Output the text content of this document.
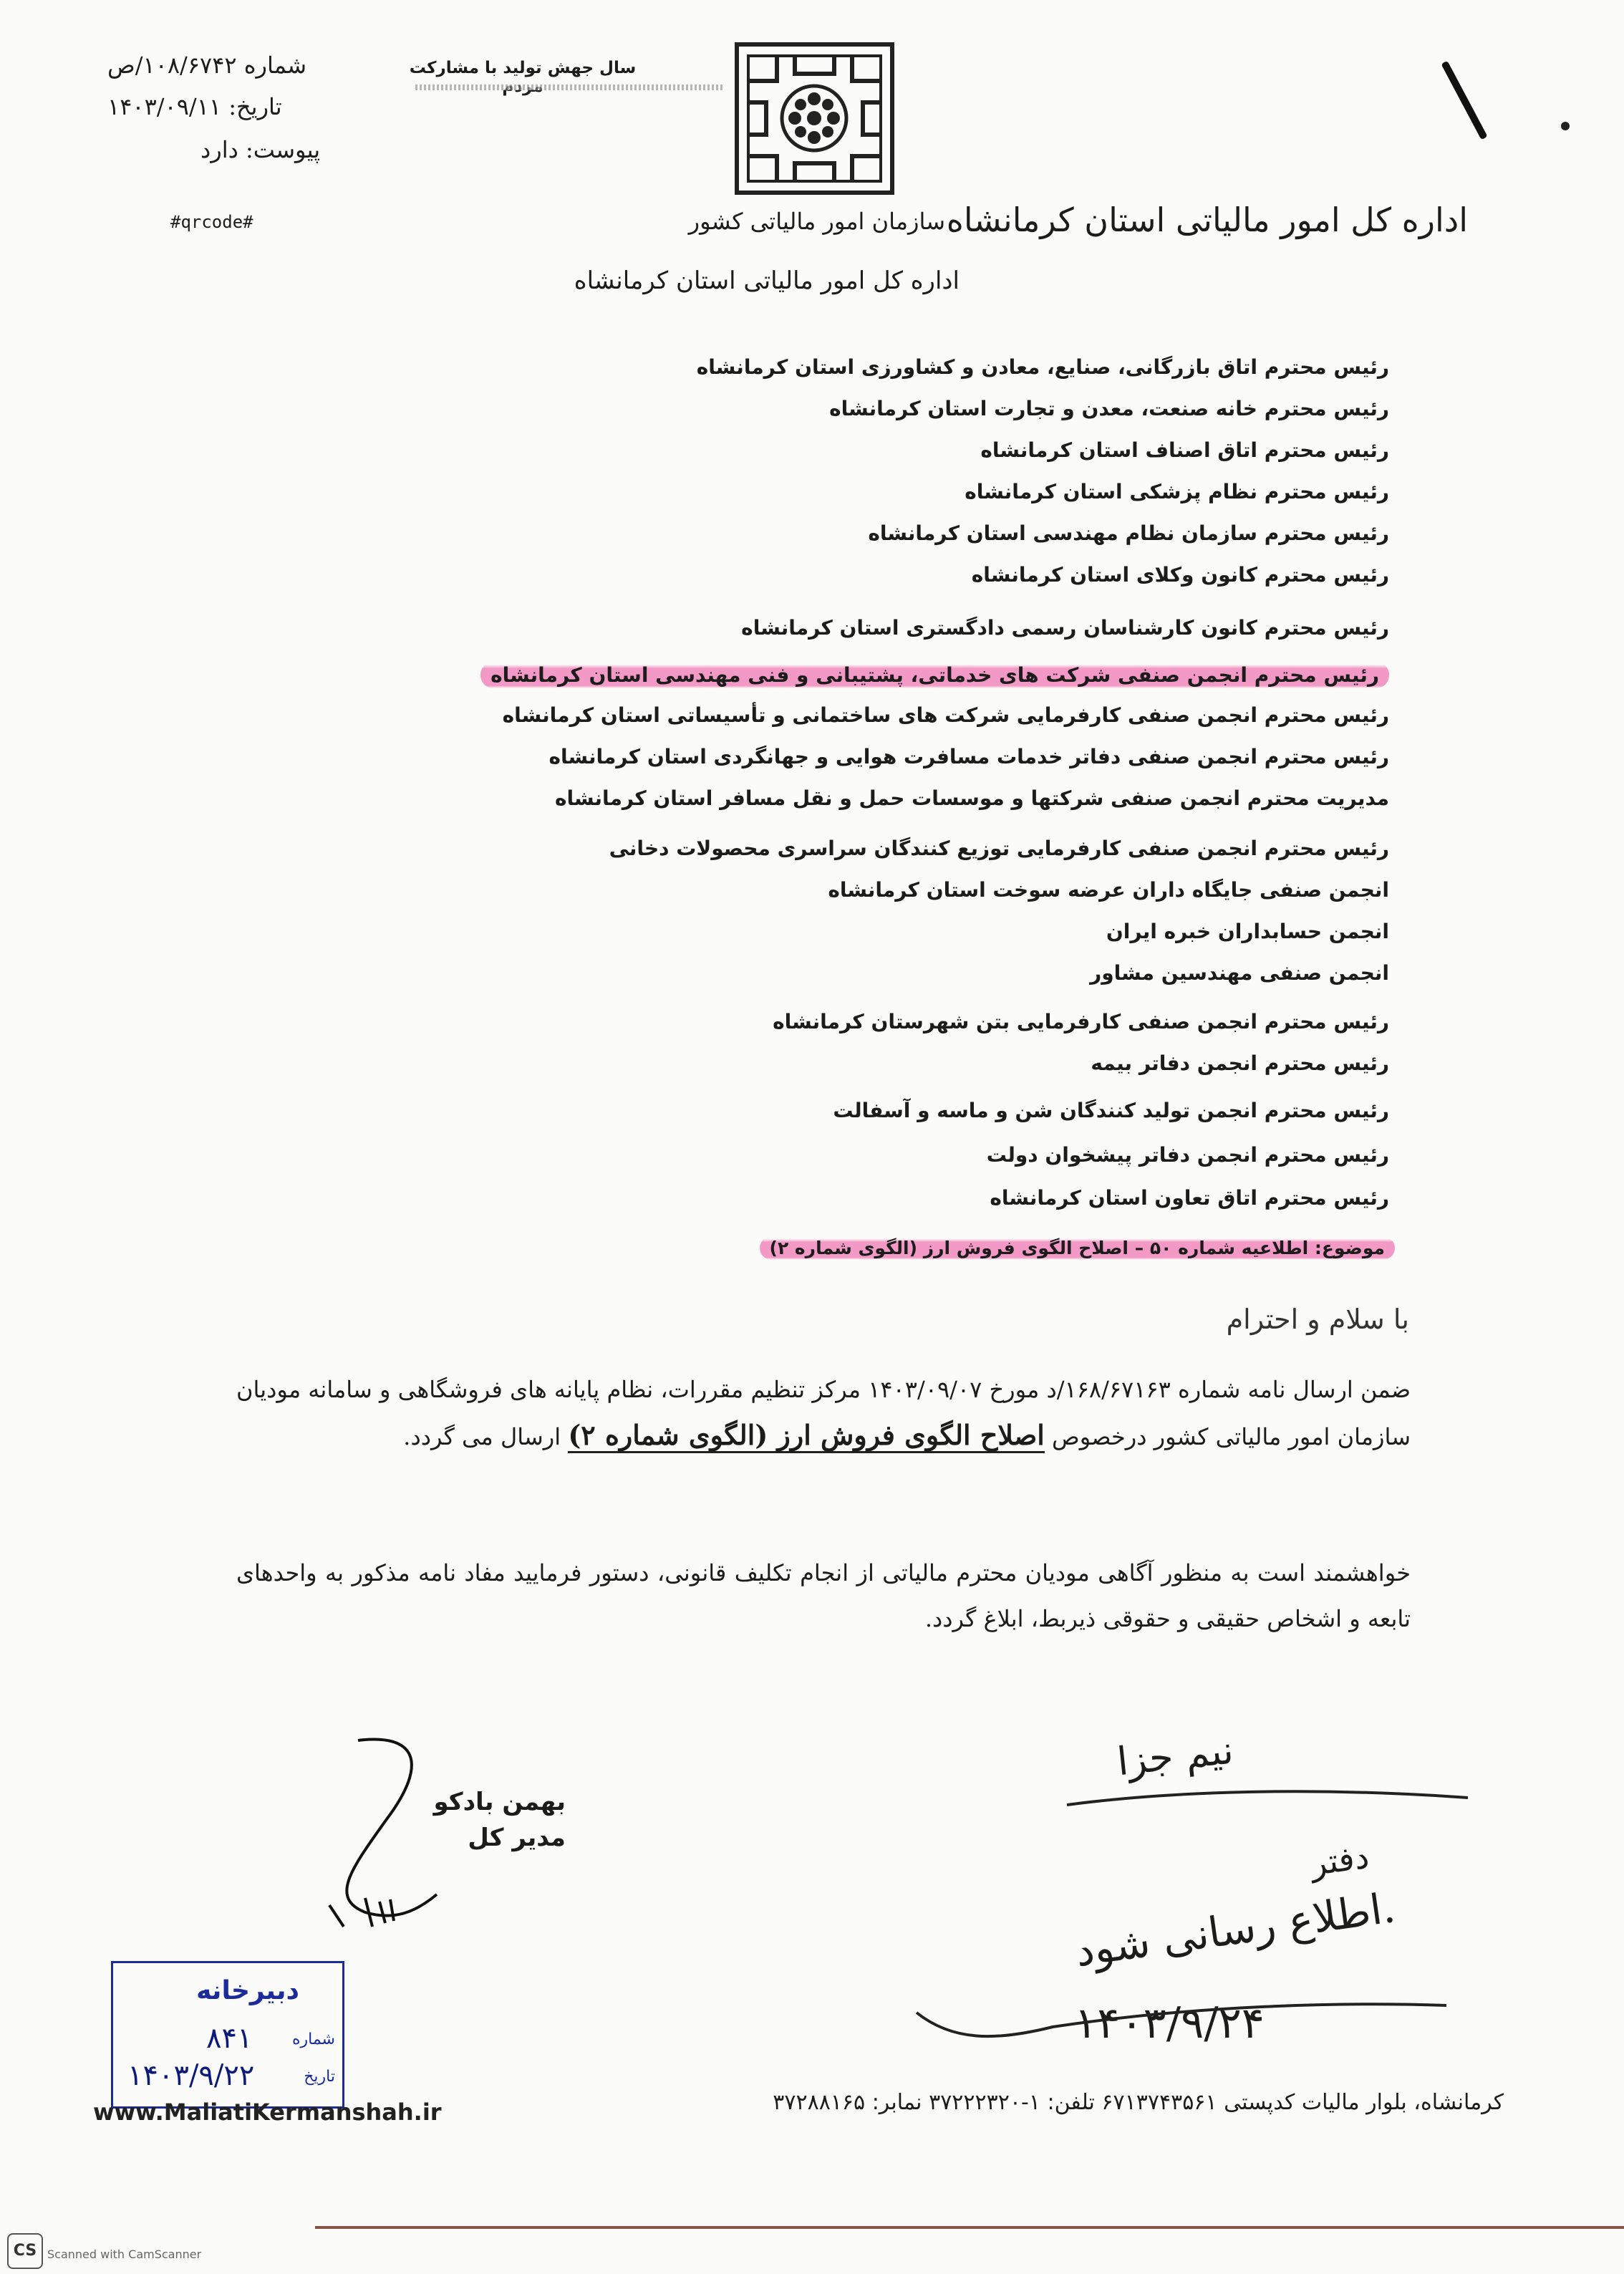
شماره ۱۰۸/۶۷۴۲/ص
تاریخ: ۱۴۰۳/۰۹/۱۱
پیوست: دارد
#qrcode#
سال جهش تولید با مشارکت
سازمان امور مالیاتی کشور
اداره کل امور مالیاتی استان کرمانشاه
اداره کل امور مالیاتی استان کرمانشاه
رئیس محترم اتاق بازرگانی، صنایع، معادن و کشاورزی استان کرمانشاه
رئیس محترم خانه صنعت، معدن و تجارت استان کرمانشاه
رئیس محترم اتاق اصناف استان کرمانشاه
رئیس محترم نظام پزشکی استان کرمانشاه
رئیس محترم سازمان نظام مهندسی استان کرمانشاه
رئیس محترم کانون وکلای استان کرمانشاه
رئیس محترم کانون کارشناسان رسمی دادگستری استان کرمانشاه
رئیس محترم انجمن صنفی شرکت های خدماتی، پشتیبانی و فنی مهندسی استان کرمانشاه
رئیس محترم انجمن صنفی کارفرمایی شرکت های ساختمانی و تأسیساتی استان کرمانشاه
رئیس محترم انجمن صنفی دفاتر خدمات مسافرت هوایی و جهانگردی استان کرمانشاه
مدیریت محترم انجمن صنفی شرکتها و موسسات حمل و نقل مسافر استان کرمانشاه
رئیس محترم انجمن صنفی کارفرمایی توزیع کنندگان سراسری محصولات دخانی
انجمن صنفی جایگاه داران عرضه سوخت استان کرمانشاه
انجمن حسابداران خبره ایران
انجمن صنفی مهندسین مشاور
رئیس محترم انجمن صنفی کارفرمایی بتن شهرستان کرمانشاه
رئیس محترم انجمن دفاتر بیمه
رئیس محترم انجمن تولید کنندگان شن و ماسه و آسفالت
رئیس محترم انجمن دفاتر پیشخوان دولت
رئیس محترم اتاق تعاون استان کرمانشاه
موضوع: اطلاعیه شماره ۵۰ – اصلاح الگوی فروش ارز (الگوی شماره ۲)
با سلام و احترام
ضمن ارسال نامه شماره ۱۶۸/۶۷۱۶۳/د مورخ ۱۴۰۳/۰۹/۰۷ مرکز تنظیم مقررات، نظام پایانه های فروشگاهی و سامانه مودیان سازمان امور مالیاتی کشور درخصوص اصلاح الگوی فروش ارز (الگوی شماره ۲) ارسال می گردد.
خواهشمند است به منظور آگاهی مودیان محترم مالیاتی از انجام تکلیف قانونی، دستور فرمایید مفاد نامه مذکور به واحدهای تابعه و اشخاص حقیقی و حقوقی ذیربط، ابلاغ گردد.
بهمن بادکو
مدیر کل
نیم جزا
دفتر
اطلاع رسانی شود.
۱۴۰۳/۹/۲۴
دبیرخانه
شماره
تاریخ
۸۴۱
۱۴۰۳/۹/۲۲
www.MaliatiKermanshah.ir	کرمانشاه، بلوار مالیات کدپستی ۶۷۱۳۷۴۳۵۶۱ تلفن: ۱-۳۷۲۲۲۳۲۰ نمابر: ۳۷۲۸۸۱۶۵
CS Scanned with CamScanner
